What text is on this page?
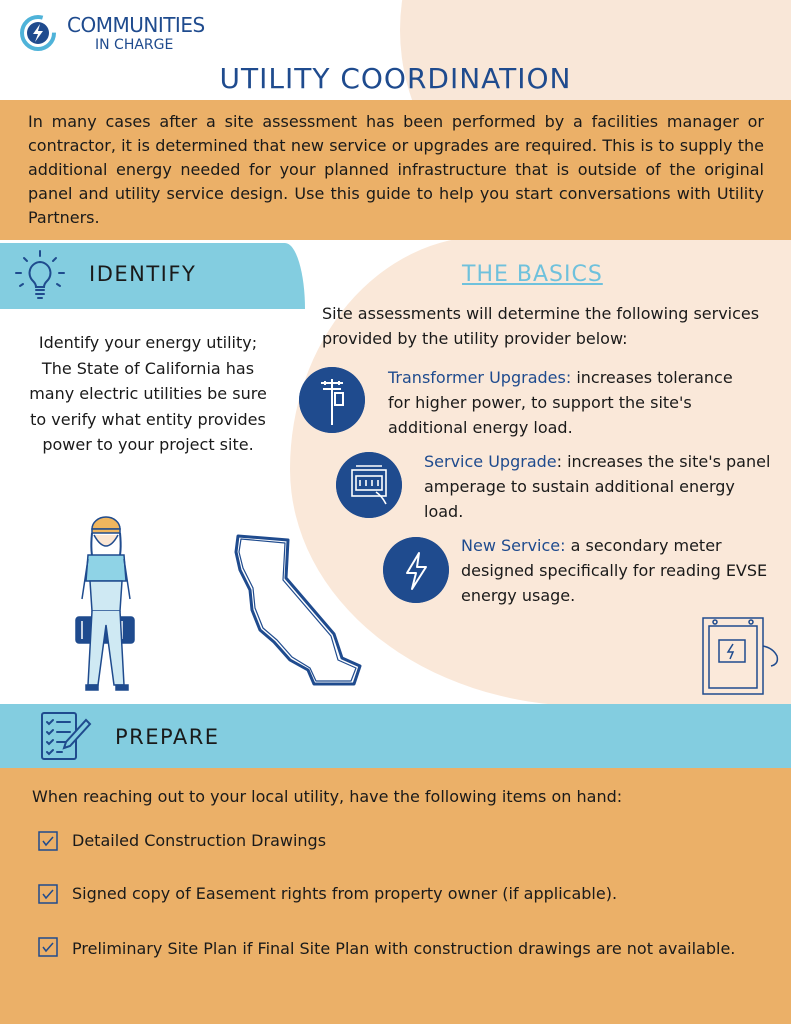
COMMUNITIES
IN CHARGE
UTILITY COORDINATION
In many cases after a site assessment has been performed by a facilities manager or contractor, it is determined that new service or upgrades are required. This is to supply the additional energy needed for your planned infrastructure that is outside of the original panel and utility service design. Use this guide to help you start conversations with Utility Partners.
IDENTIFY
Identify your energy utility; The State of California has many electric utilities be sure to verify what entity provides power to your project site.
THE BASICS
Site assessments will determine the following services provided by the utility provider below:
Transformer Upgrades: increases tolerance for higher power, to support the site's additional energy load.
Service Upgrade: increases the site's panel amperage to sustain additional energy load.
New Service: a secondary meter designed specifically for reading EVSE energy usage.
PREPARE
When reaching out to your local utility, have the following items on hand:
Detailed Construction Drawings
Signed copy of Easement rights from property owner (if applicable).
Preliminary Site Plan if Final Site Plan with construction drawings are not available.
